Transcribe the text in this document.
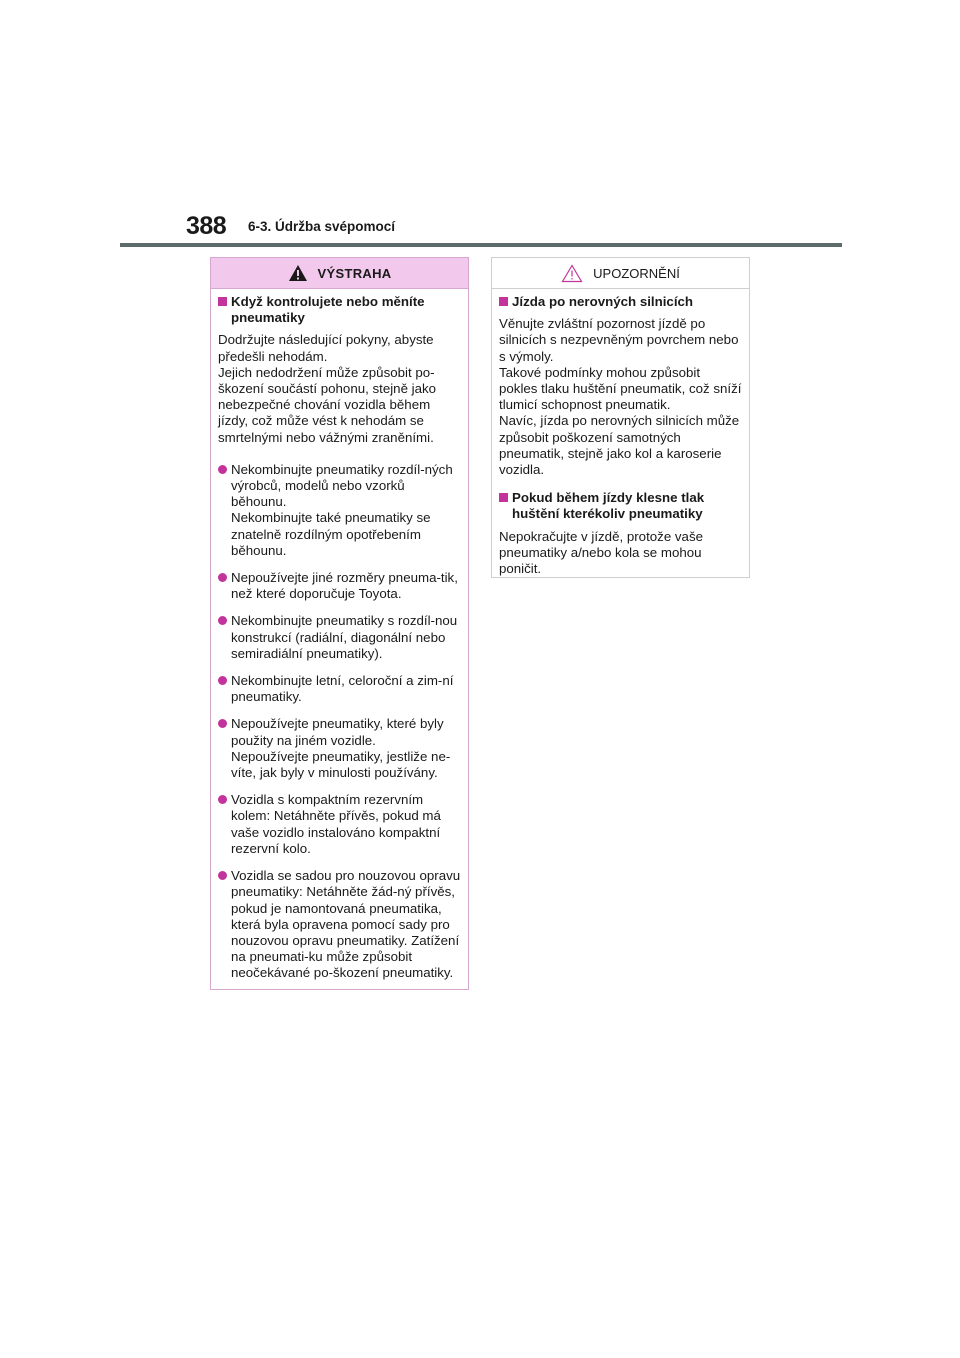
388 6-3. Údržba svépomocí
VÝSTRAHA
Když kontrolujete nebo měníte pneumatiky
Dodržujte následující pokyny, abyste předešli nehodám.
Jejich nedodržení může způsobit po-škození součástí pohonu, stejně jako nebezpečné chování vozidla během jízdy, což může vést k nehodám se smrtelnými nebo vážnými zraněními.
Nekombinujte pneumatiky rozdíl-ných výrobců, modelů nebo vzorků běhounu.
Nekombinujte také pneumatiky se znatelně rozdílným opotřebením běhounu.
Nepoužívejte jiné rozměry pneuma-tik, než které doporučuje Toyota.
Nekombinujte pneumatiky s rozdíl-nou konstrukcí (radiální, diagonální nebo semiradiální pneumatiky).
Nekombinujte letní, celoroční a zim-ní pneumatiky.
Nepoužívejte pneumatiky, které byly použity na jiném vozidle.
Nepoužívejte pneumatiky, jestliže ne-víte, jak byly v minulosti používány.
Vozidla s kompaktním rezervním kolem: Netáhněte přívěs, pokud má vaše vozidlo instalováno kompaktní rezervní kolo.
Vozidla se sadou pro nouzovou opravu pneumatiky: Netáhněte žád-ný přívěs, pokud je namontovaná pneumatika, která byla opravena pomocí sady pro nouzovou opravu pneumatiky. Zatížení na pneumati-ku může způsobit neočekávané po-škození pneumatiky.
UPOZORNĚNÍ
Jízda po nerovných silnicích
Věnujte zvláštní pozornost jízdě po silnicích s nezpevněným povrchem nebo s výmoly.
Takové podmínky mohou způsobit pokles tlaku huštění pneumatik, což sníží tlumicí schopnost pneumatik.
Navíc, jízda po nerovných silnicích může způsobit poškození samotných pneumatik, stejně jako kol a karoserie vozidla.
Pokud během jízdy klesne tlak huštění kterékoliv pneumatiky
Nepokračujte v jízdě, protože vaše pneumatiky a/nebo kola se mohou poničit.
